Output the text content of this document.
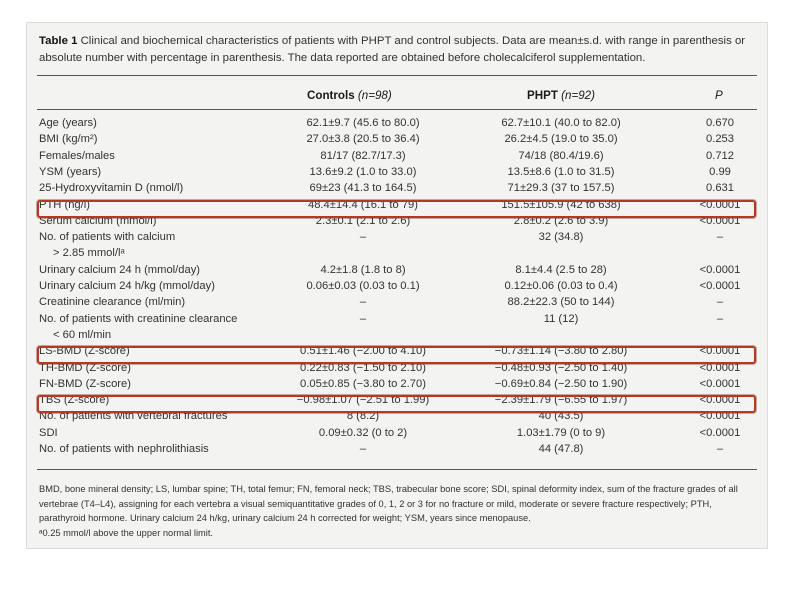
Table 1 Clinical and biochemical characteristics of patients with PHPT and control subjects. Data are mean±s.d. with range in parenthesis or absolute number with percentage in parenthesis. The data reported are obtained before cholecalciferol supplementation.
Controls (n=98)	PHPT (n=92)	P
Age (years)	62.1±9.7 (45.6 to 80.0)	62.7±10.1 (40.0 to 82.0)	0.670
BMI (kg/m²)	27.0±3.8 (20.5 to 36.4)	26.2±4.5 (19.0 to 35.0)	0.253
Females/males	81/17 (82.7/17.3)	74/18 (80.4/19.6)	0.712
YSM (years)	13.6±9.2 (1.0 to 33.0)	13.5±8.6 (1.0 to 31.5)	0.99
25-Hydroxyvitamin D (nmol/l)	69±23 (41.3 to 164.5)	71±29.3 (37 to 157.5)	0.631
PTH (ng/l)	48.4±14.4 (16.1 to 79)	151.5±105.9 (42 to 638)	<0.0001
Serum calcium (mmol/l)	2.3±0.1 (2.1 to 2.6)	2.8±0.2 (2.6 to 3.9)	<0.0001
No. of patients with calcium	–	32 (34.8)	–
> 2.85 mmol/lᵃ
Urinary calcium 24 h (mmol/day)	4.2±1.8 (1.8 to 8)	8.1±4.4 (2.5 to 28)	<0.0001
Urinary calcium 24 h/kg (mmol/day)	0.06±0.03 (0.03 to 0.1)	0.12±0.06 (0.03 to 0.4)	<0.0001
Creatinine clearance (ml/min)	–	88.2±22.3 (50 to 144)	–
No. of patients with creatinine clearance	–	11 (12)	–
< 60 ml/min
LS-BMD (Z-score)	0.51±1.46 (−2.00 to 4.10)	−0.73±1.14 (−3.80 to 2.80)	<0.0001
TH-BMD (Z-score)	0.22±0.83 (−1.50 to 2.10)	−0.48±0.93 (−2.50 to 1.40)	<0.0001
FN-BMD (Z-score)	0.05±0.85 (−3.80 to 2.70)	−0.69±0.84 (−2.50 to 1.90)	<0.0001
TBS (Z-score)	−0.98±1.07 (−2.51 to 1.99)	−2.39±1.79 (−6.55 to 1.97)	<0.0001
No. of patients with vertebral fractures	8 (8.2)	40 (43.5)	<0.0001
SDI	0.09±0.32 (0 to 2)	1.03±1.79 (0 to 9)	<0.0001
No. of patients with nephrolithiasis	–	44 (47.8)	–
BMD, bone mineral density; LS, lumbar spine; TH, total femur; FN, femoral neck; TBS, trabecular bone score; SDI, spinal deformity index, sum of the fracture grades of all vertebrae (T4–L4), assigning for each vertebra a visual semiquantitative grades of 0, 1, 2 or 3 for no fracture or mild, moderate or severe fracture respectively; PTH, parathyroid hormone. Urinary calcium 24 h/kg, urinary calcium 24 h corrected for weight; YSM, years since menopause.
ᵃ0.25 mmol/l above the upper normal limit.
